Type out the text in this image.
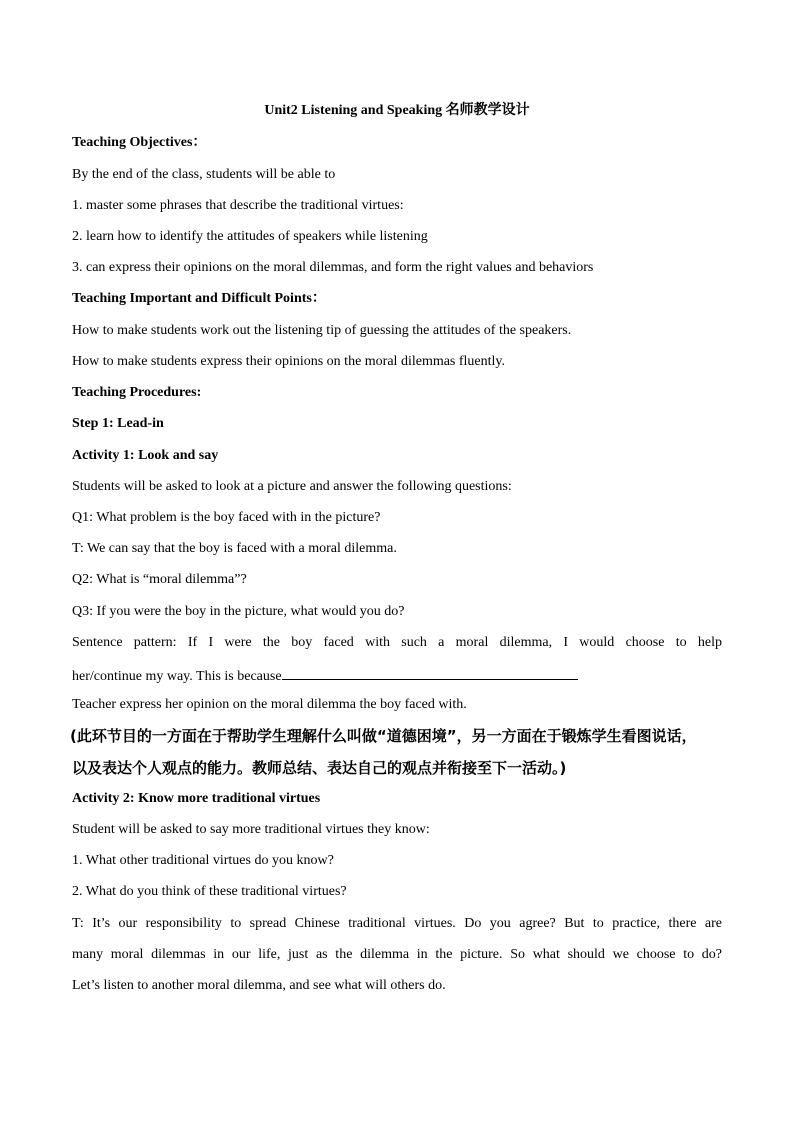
Unit2 Listening and Speaking 名师教学设计
Teaching Objectives：
By the end of the class, students will be able to
1. master some phrases that describe the traditional virtues:
2. learn how to identify the attitudes of speakers while listening
3. can express their opinions on the moral dilemmas, and form the right values and behaviors
Teaching Important and Difficult Points：
How to make students work out the listening tip of guessing the attitudes of the speakers.
How to make students express their opinions on the moral dilemmas fluently.
Teaching Procedures:
Step 1: Lead-in
Activity 1: Look and say
Students will be asked to look at a picture and answer the following questions:
Q1: What problem is the boy faced with in the picture?
T: We can say that the boy is faced with a moral dilemma.
Q2: What is “moral dilemma”?
Q3: If you were the boy in the picture, what would you do?
Sentence pattern: If I were the boy faced with such a moral dilemma, I would choose to help
her/continue my way. This is because
Teacher express her opinion on the moral dilemma the boy faced with.
(此环节目的一方面在于帮助学生理解什么叫做“道德困境”，另一方面在于锻炼学生看图说话，
以及表达个人观点的能力。教师总结、表达自己的观点并衔接至下一活动。)
Activity 2: Know more traditional virtues
Student will be asked to say more traditional virtues they know:
1. What other traditional virtues do you know?
2. What do you think of these traditional virtues?
T: It’s our responsibility to spread Chinese traditional virtues. Do you agree? But to practice, there are
many moral dilemmas in our life, just as the dilemma in the picture. So what should we choose to do?
Let’s listen to another moral dilemma, and see what will others do.
